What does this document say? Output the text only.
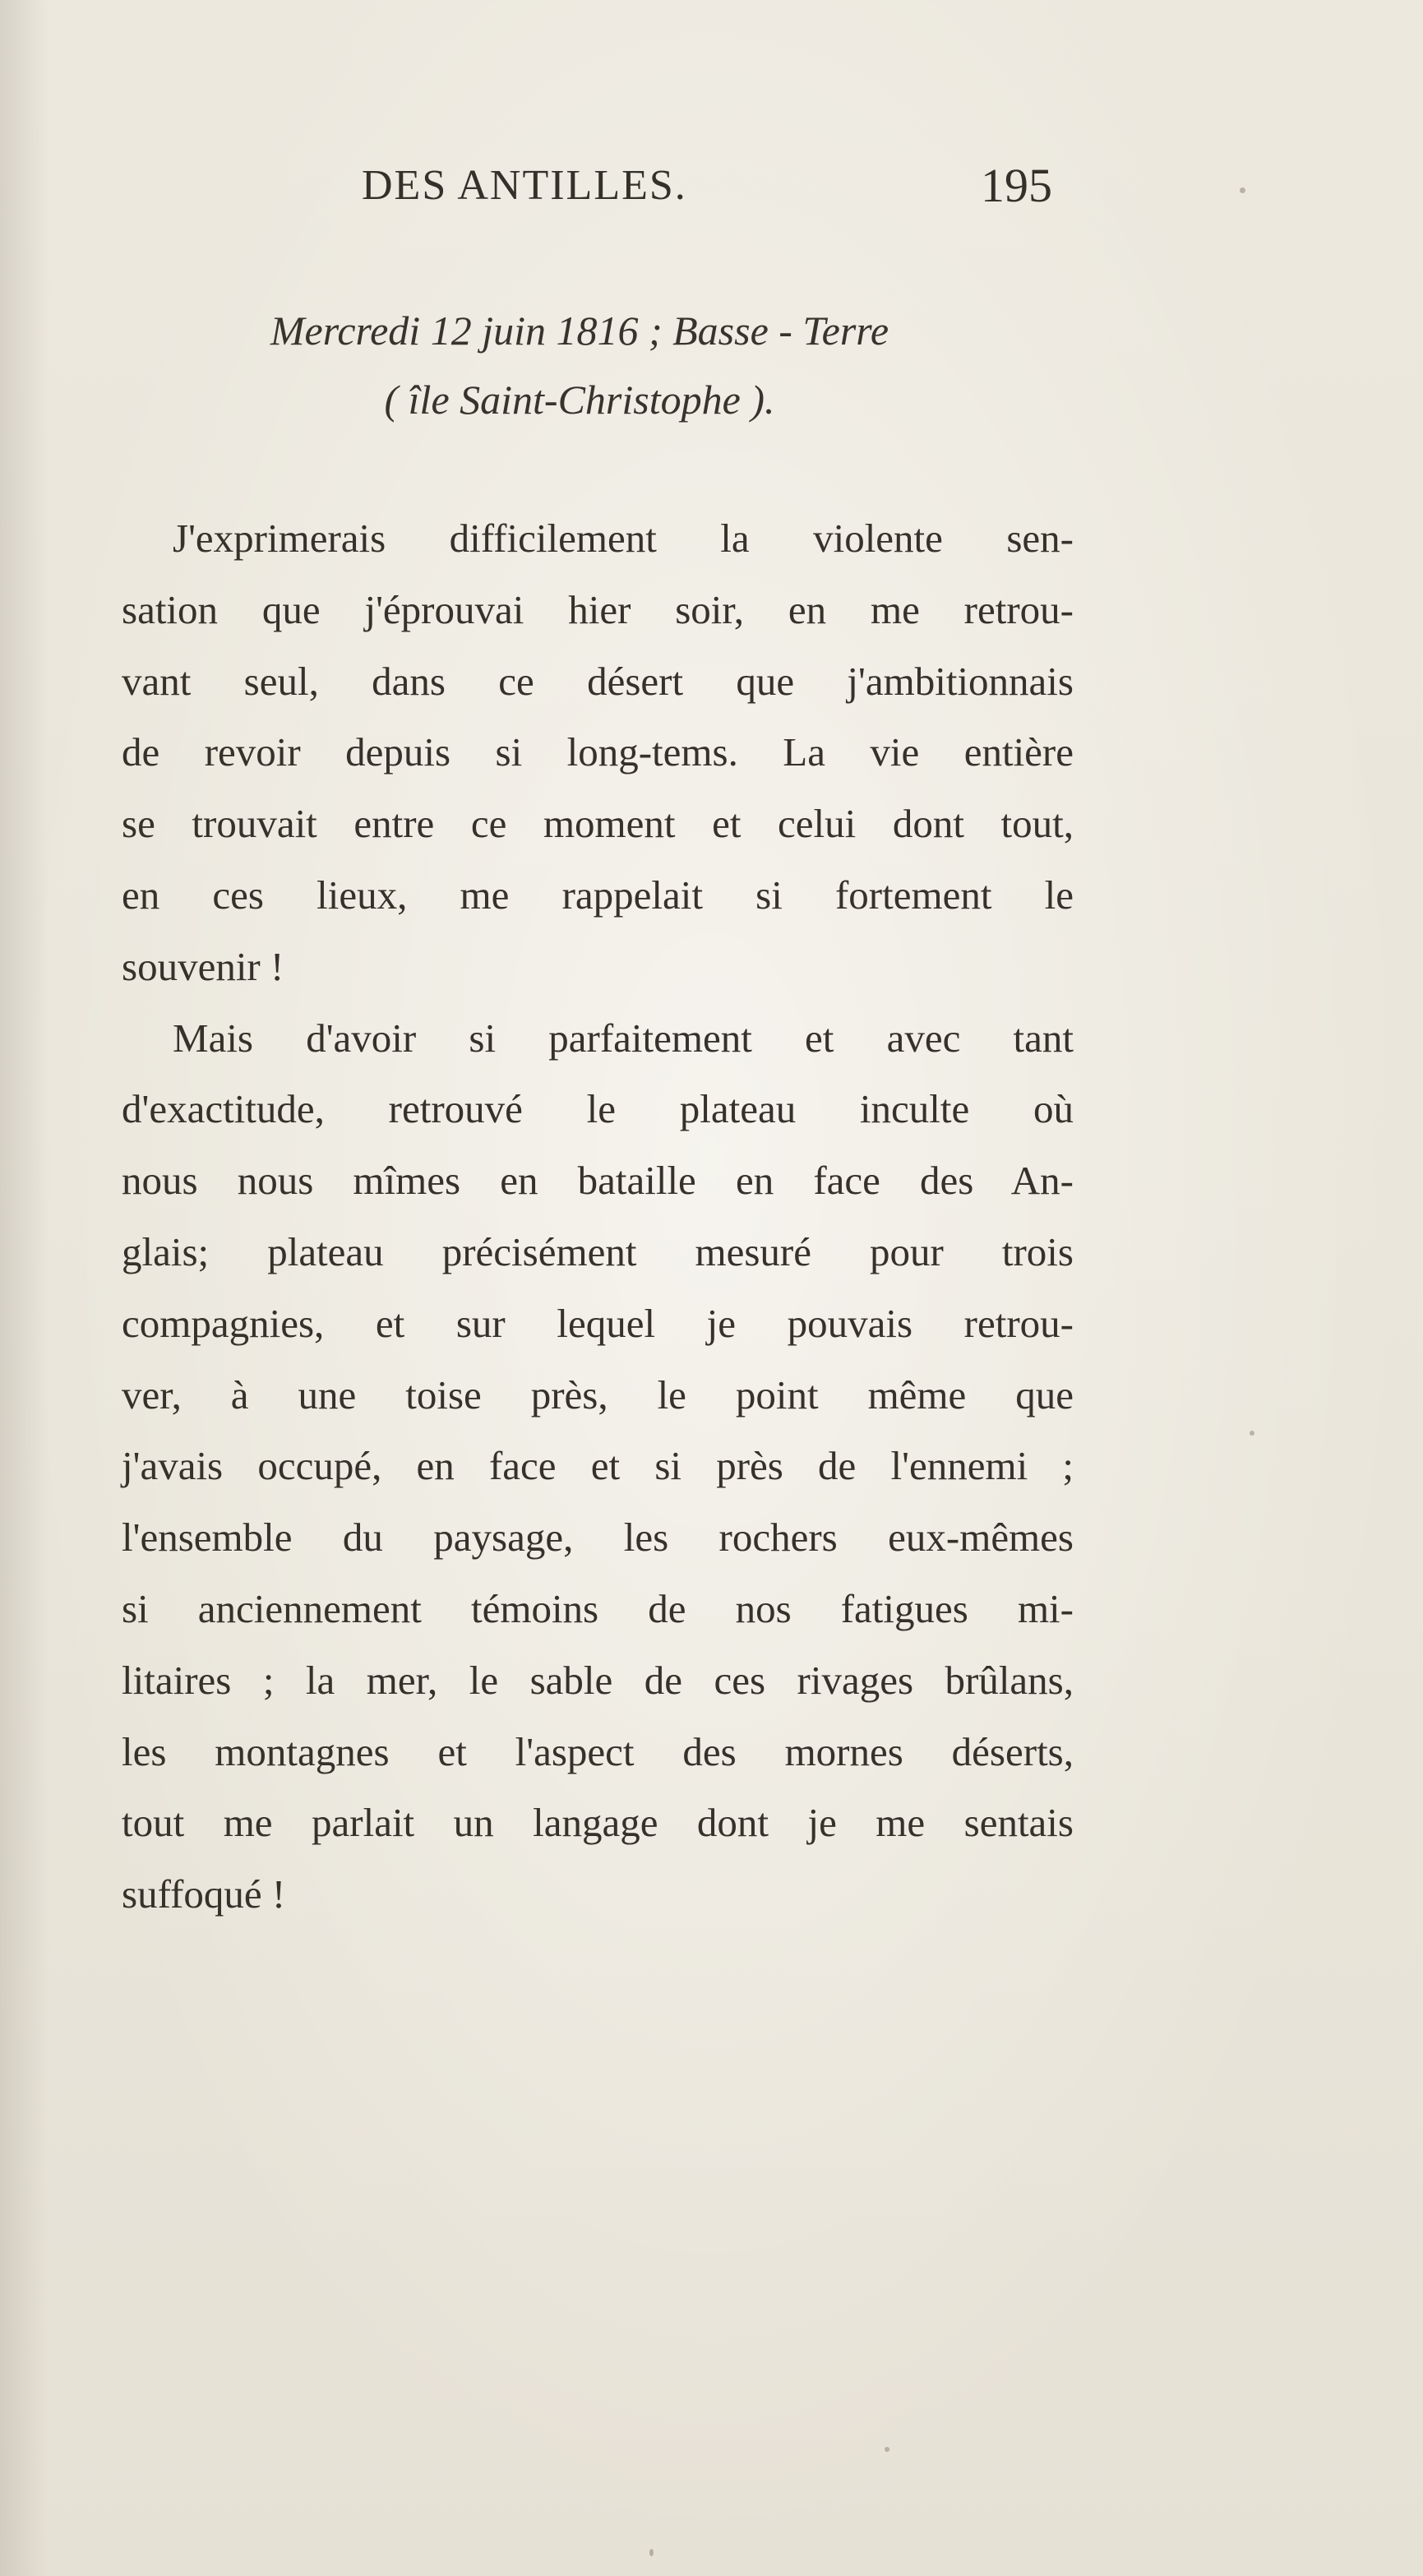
DES ANTILLES.	195
Mercredi 12 juin 1816 ; Basse - Terre
( île Saint-Christophe ).
J'exprimerais difficilement la violente sen-
sation que j'éprouvai hier soir, en me retrou-
vant seul, dans ce désert que j'ambitionnais
de revoir depuis si long-tems. La vie entière
se trouvait entre ce moment et celui dont tout,
en ces lieux, me rappelait si fortement le
souvenir !
Mais d'avoir si parfaitement et avec tant
d'exactitude, retrouvé le plateau inculte où
nous nous mîmes en bataille en face des An-
glais; plateau précisément mesuré pour trois
compagnies, et sur lequel je pouvais retrou-
ver, à une toise près, le point même que
j'avais occupé, en face et si près de l'ennemi ;
l'ensemble du paysage, les rochers eux-mêmes
si anciennement témoins de nos fatigues mi-
litaires ; la mer, le sable de ces rivages brûlans,
les montagnes et l'aspect des mornes déserts,
tout me parlait un langage dont je me sentais
suffoqué !
